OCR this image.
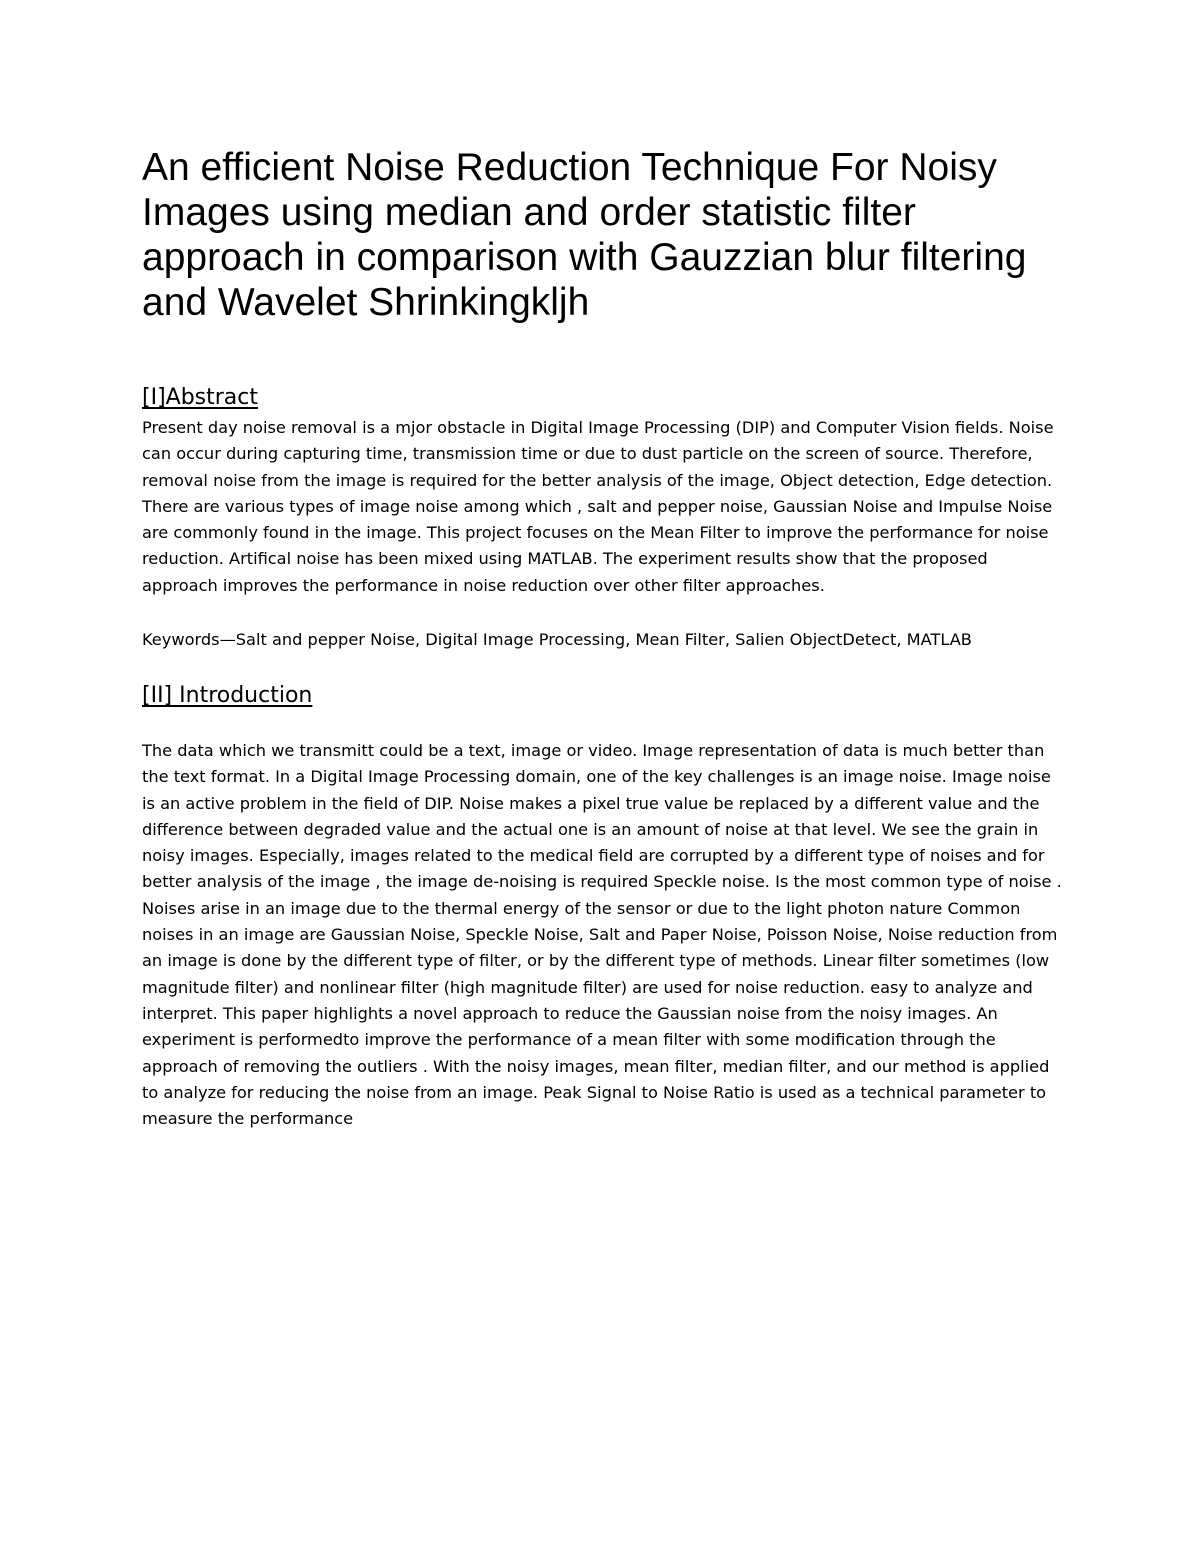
An efficient Noise Reduction Technique For Noisy Images using median and order statistic filter approach in comparison with Gauzzian blur filtering and Wavelet Shrinkingkljh
[I]Abstract

Present day noise removal is a mjor obstacle in Digital Image Processing (DIP) and Computer Vision fields. Noise can occur during capturing time, transmission time or due to dust particle on the screen of source. Therefore, removal noise from the image is required for the better analysis of the image, Object detection, Edge detection. There are various types of image noise among which , salt and pepper noise, Gaussian Noise and Impulse Noise are commonly found in the image. This project focuses on the Mean Filter to improve the performance for noise reduction. Artifical noise has been mixed using MATLAB. The experiment results show that the proposed approach improves the performance in noise reduction over other filter approaches.

Keywords—Salt and pepper Noise, Digital Image Processing, Mean Filter, Salien ObjectDetect, MATLAB

[II] Introduction

The data which we transmitt could be a text, image or video. Image representation of data is much better than the text format. In a Digital Image Processing domain, one of the key challenges is an image noise. Image noise is an active problem in the field of DIP. Noise makes a pixel true value be replaced by a different value and the difference between degraded value and the actual one is an amount of noise at that level. We see the grain in noisy images. Especially, images related to the medical field are corrupted by a different type of noises and for better analysis of the image , the image de-noising is required Speckle noise. Is the most common type of noise . Noises arise in an image due to the thermal energy of the sensor or due to the light photon nature Common noises in an image are Gaussian Noise, Speckle Noise, Salt and Paper Noise, Poisson Noise, Noise reduction from an image is done by the different type of filter, or by the different type of methods. Linear filter sometimes (low magnitude filter) and nonlinear filter (high magnitude filter) are used for noise reduction. easy to analyze and interpret. This paper highlights a novel approach to reduce the Gaussian noise from the noisy images. An experiment is performedto improve the performance of a mean filter with some modification through the approach of removing the outliers . With the noisy images, mean filter, median filter, and our method is applied to analyze for reducing the noise from an image. Peak Signal to Noise Ratio is used as a technical parameter to measure the performance
